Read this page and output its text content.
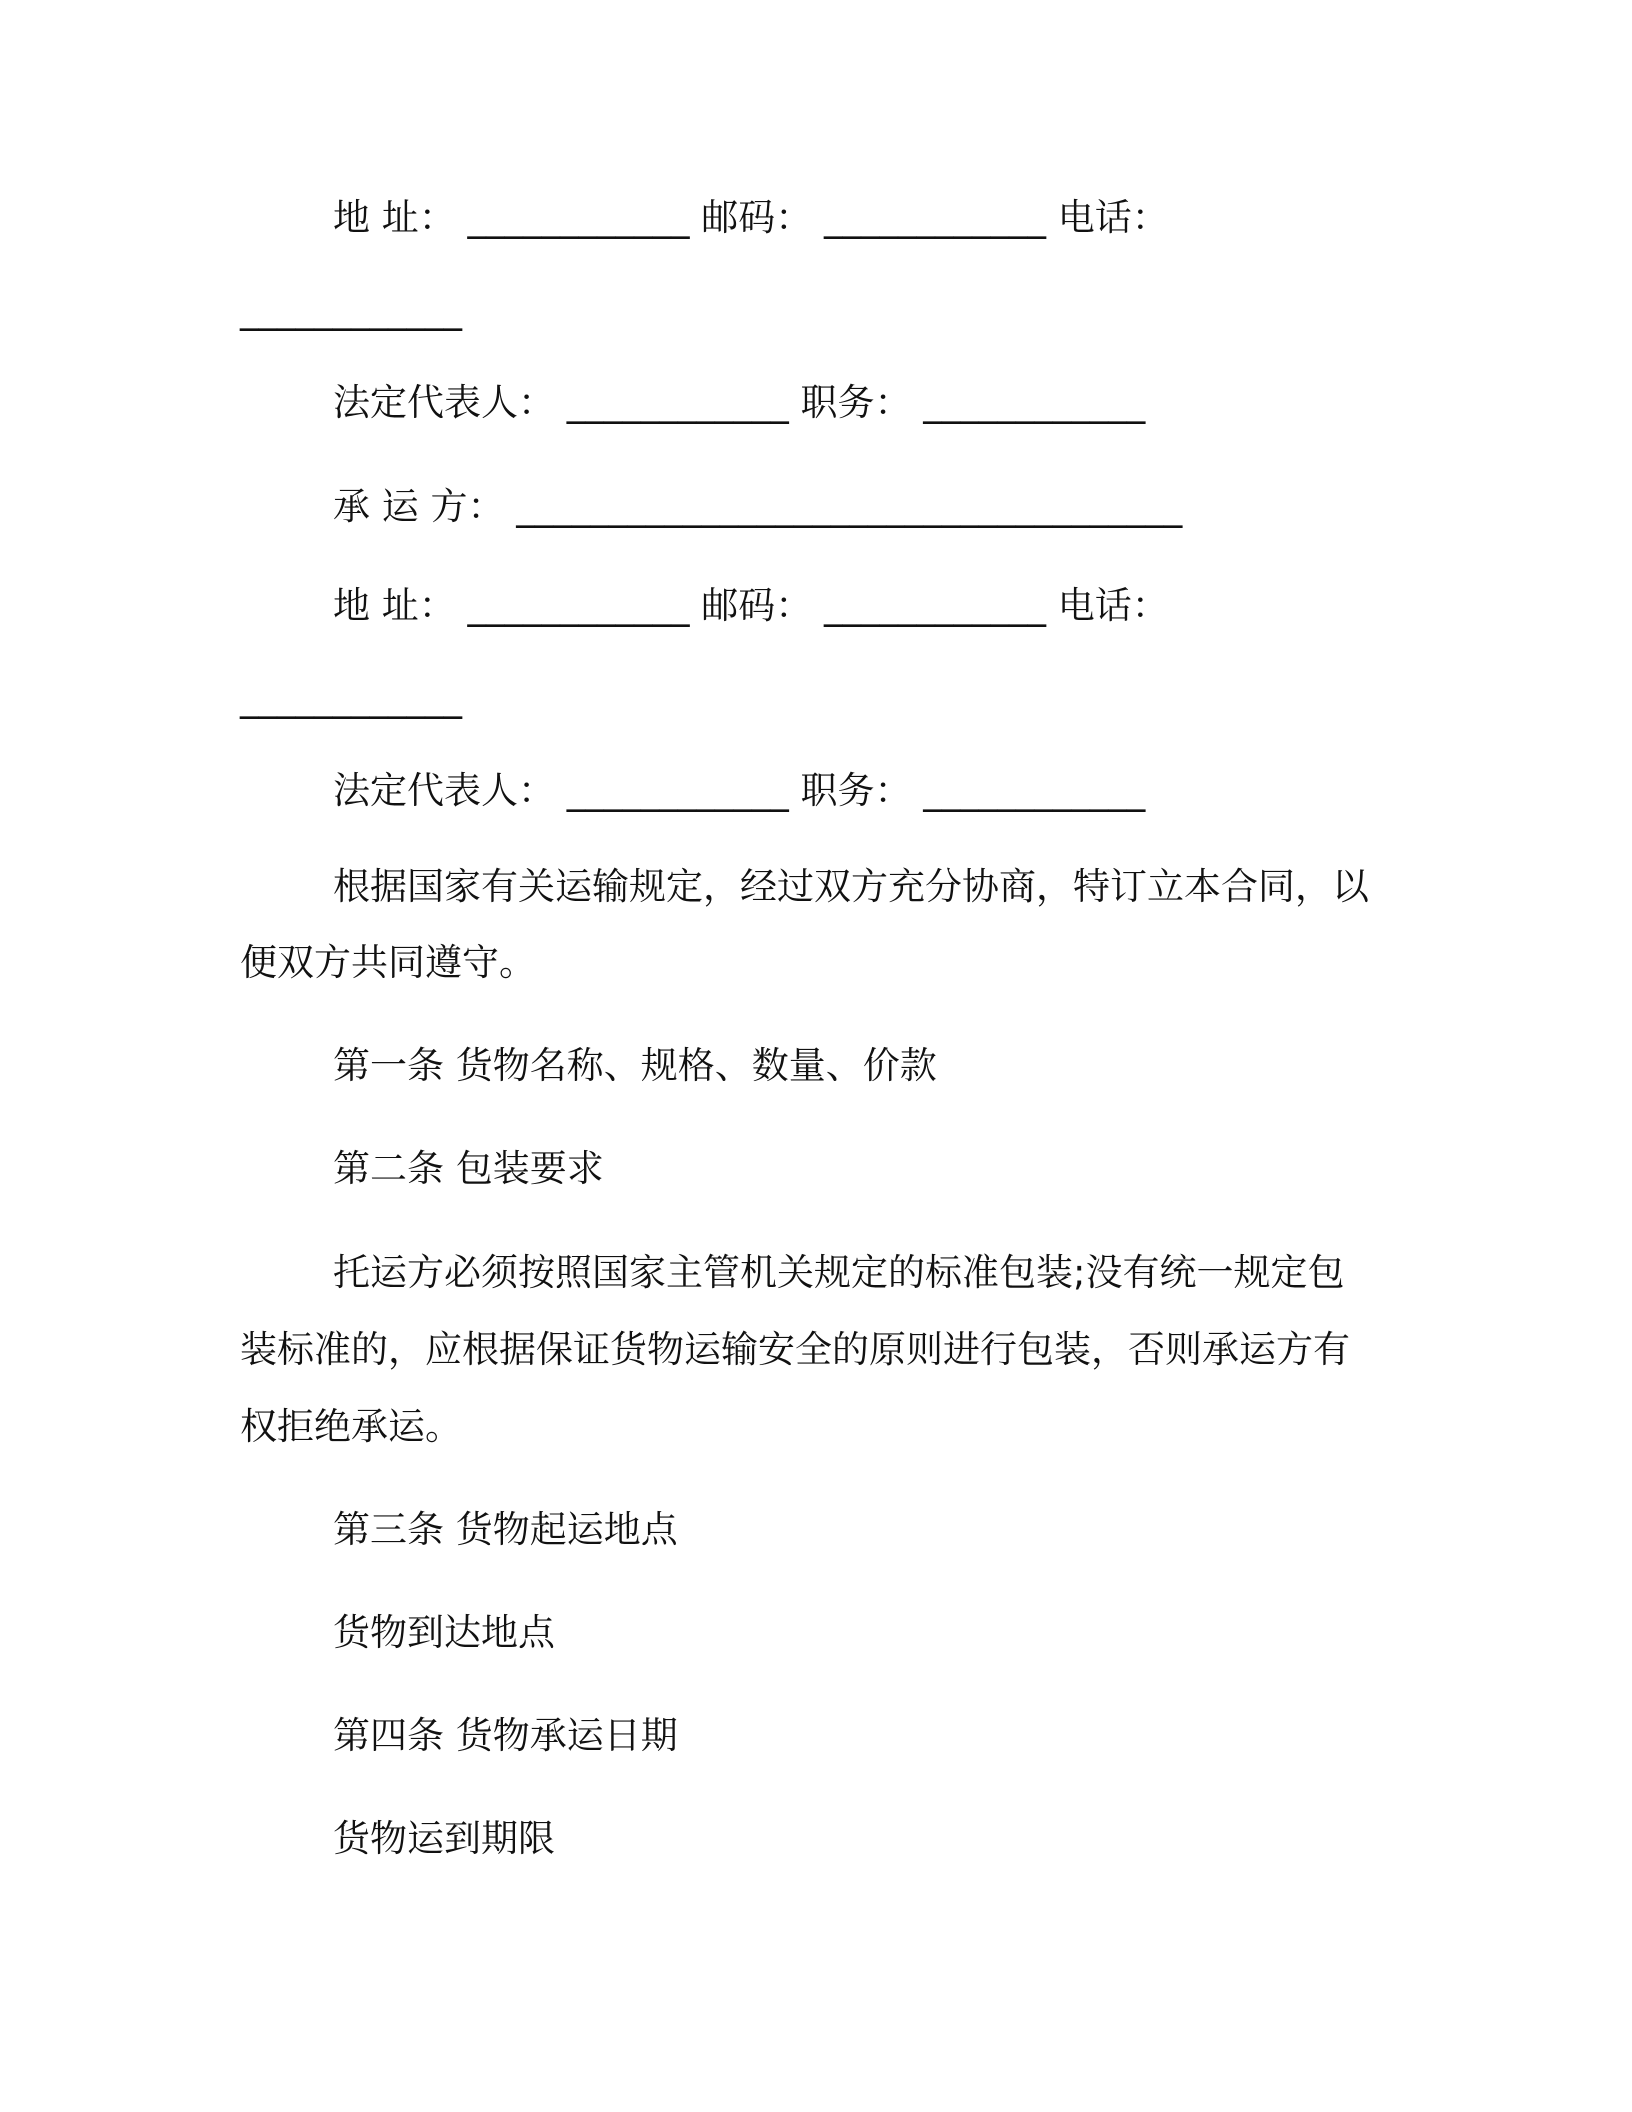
地 址： ____________ 邮码： ____________ 电话：
____________
法定代表人： ____________ 职务： ____________
承 运 方： ____________________________________
地 址： ____________ 邮码： ____________ 电话：
____________
法定代表人： ____________ 职务： ____________
根据国家有关运输规定，经过双方充分协商，特订立本合同，以
便双方共同遵守。
第一条 货物名称、规格、数量、价款
第二条 包装要求
托运方必须按照国家主管机关规定的标准包装;没有统一规定包
装标准的，应根据保证货物运输安全的原则进行包装，否则承运方有
权拒绝承运。
第三条 货物起运地点
货物到达地点
第四条 货物承运日期
货物运到期限
